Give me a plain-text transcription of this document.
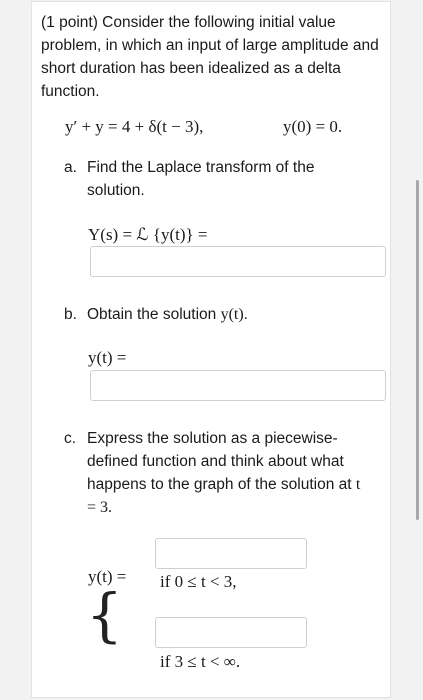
(1 point) Consider the following initial value problem, in which an input of large amplitude and short duration has been idealized as a delta function.
y′ + y = 4 + δ(t − 3),	y(0) = 0.
a. Find the Laplace transform of the solution.
Y(s) = ℒ {y(t)} =
b. Obtain the solution y(t).
y(t) =
c. Express the solution as a piecewise-defined function and think about what happens to the graph of the solution at t = 3.
y(t) =
{ if 0 ≤ t < 3,
if 3 ≤ t < ∞.
